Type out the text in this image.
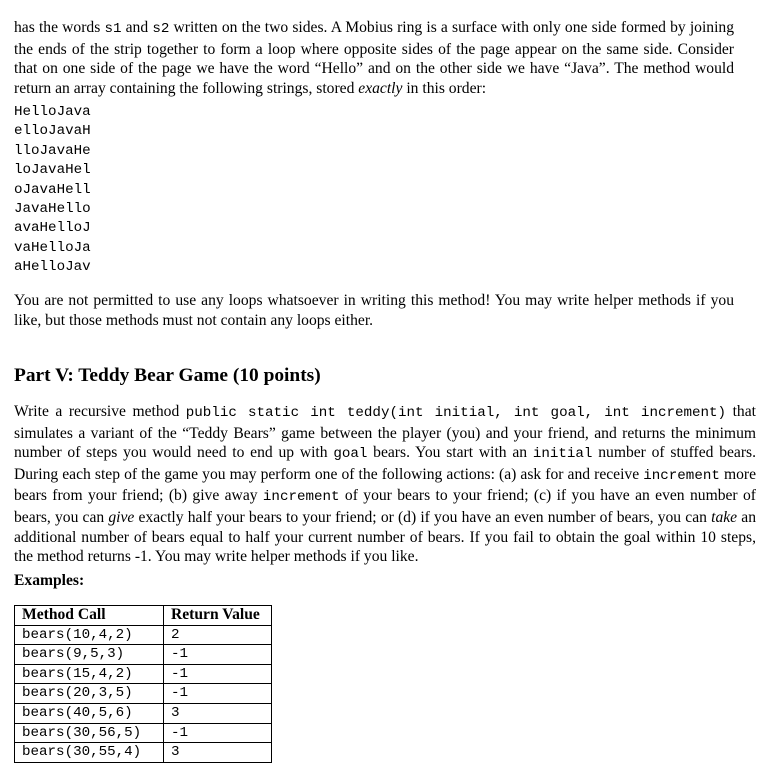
has the words s1 and s2 written on the two sides. A Mobius ring is a surface with only one side formed by joining the ends of the strip together to form a loop where opposite sides of the page appear on the same side. Consider that on one side of the page we have the word “Hello” and on the other side we have “Java”. The method would return an array containing the following strings, stored exactly in this order:

HelloJava
elloJavaH
lloJavaHe
loJavaHel
oJavaHell
JavaHello
avaHelloJ
vaHelloJa
aHelloJav

You are not permitted to use any loops whatsoever in writing this method! You may write helper methods if you like, but those methods must not contain any loops either.

Part V: Teddy Bear Game (10 points)

Write a recursive method public static int teddy(int initial, int goal, int increment) that simulates a variant of the “Teddy Bears” game between the player (you) and your friend, and returns the minimum number of steps you would need to end up with goal bears. You start with an initial number of stuffed bears. During each step of the game you may perform one of the following actions: (a) ask for and receive increment more bears from your friend; (b) give away increment of your bears to your friend; (c) if you have an even number of bears, you can give exactly half your bears to your friend; or (d) if you have an even number of bears, you can take an additional number of bears equal to half your current number of bears. If you fail to obtain the goal within 10 steps, the method returns -1. You may write helper methods if you like.

Examples:
Method Call	Return Value
bears(10,4,2)	2
bears(9,5,3)	-1
bears(15,4,2)	-1
bears(20,3,5)	-1
bears(40,5,6)	3
bears(30,56,5)	-1
bears(30,55,4)	3
